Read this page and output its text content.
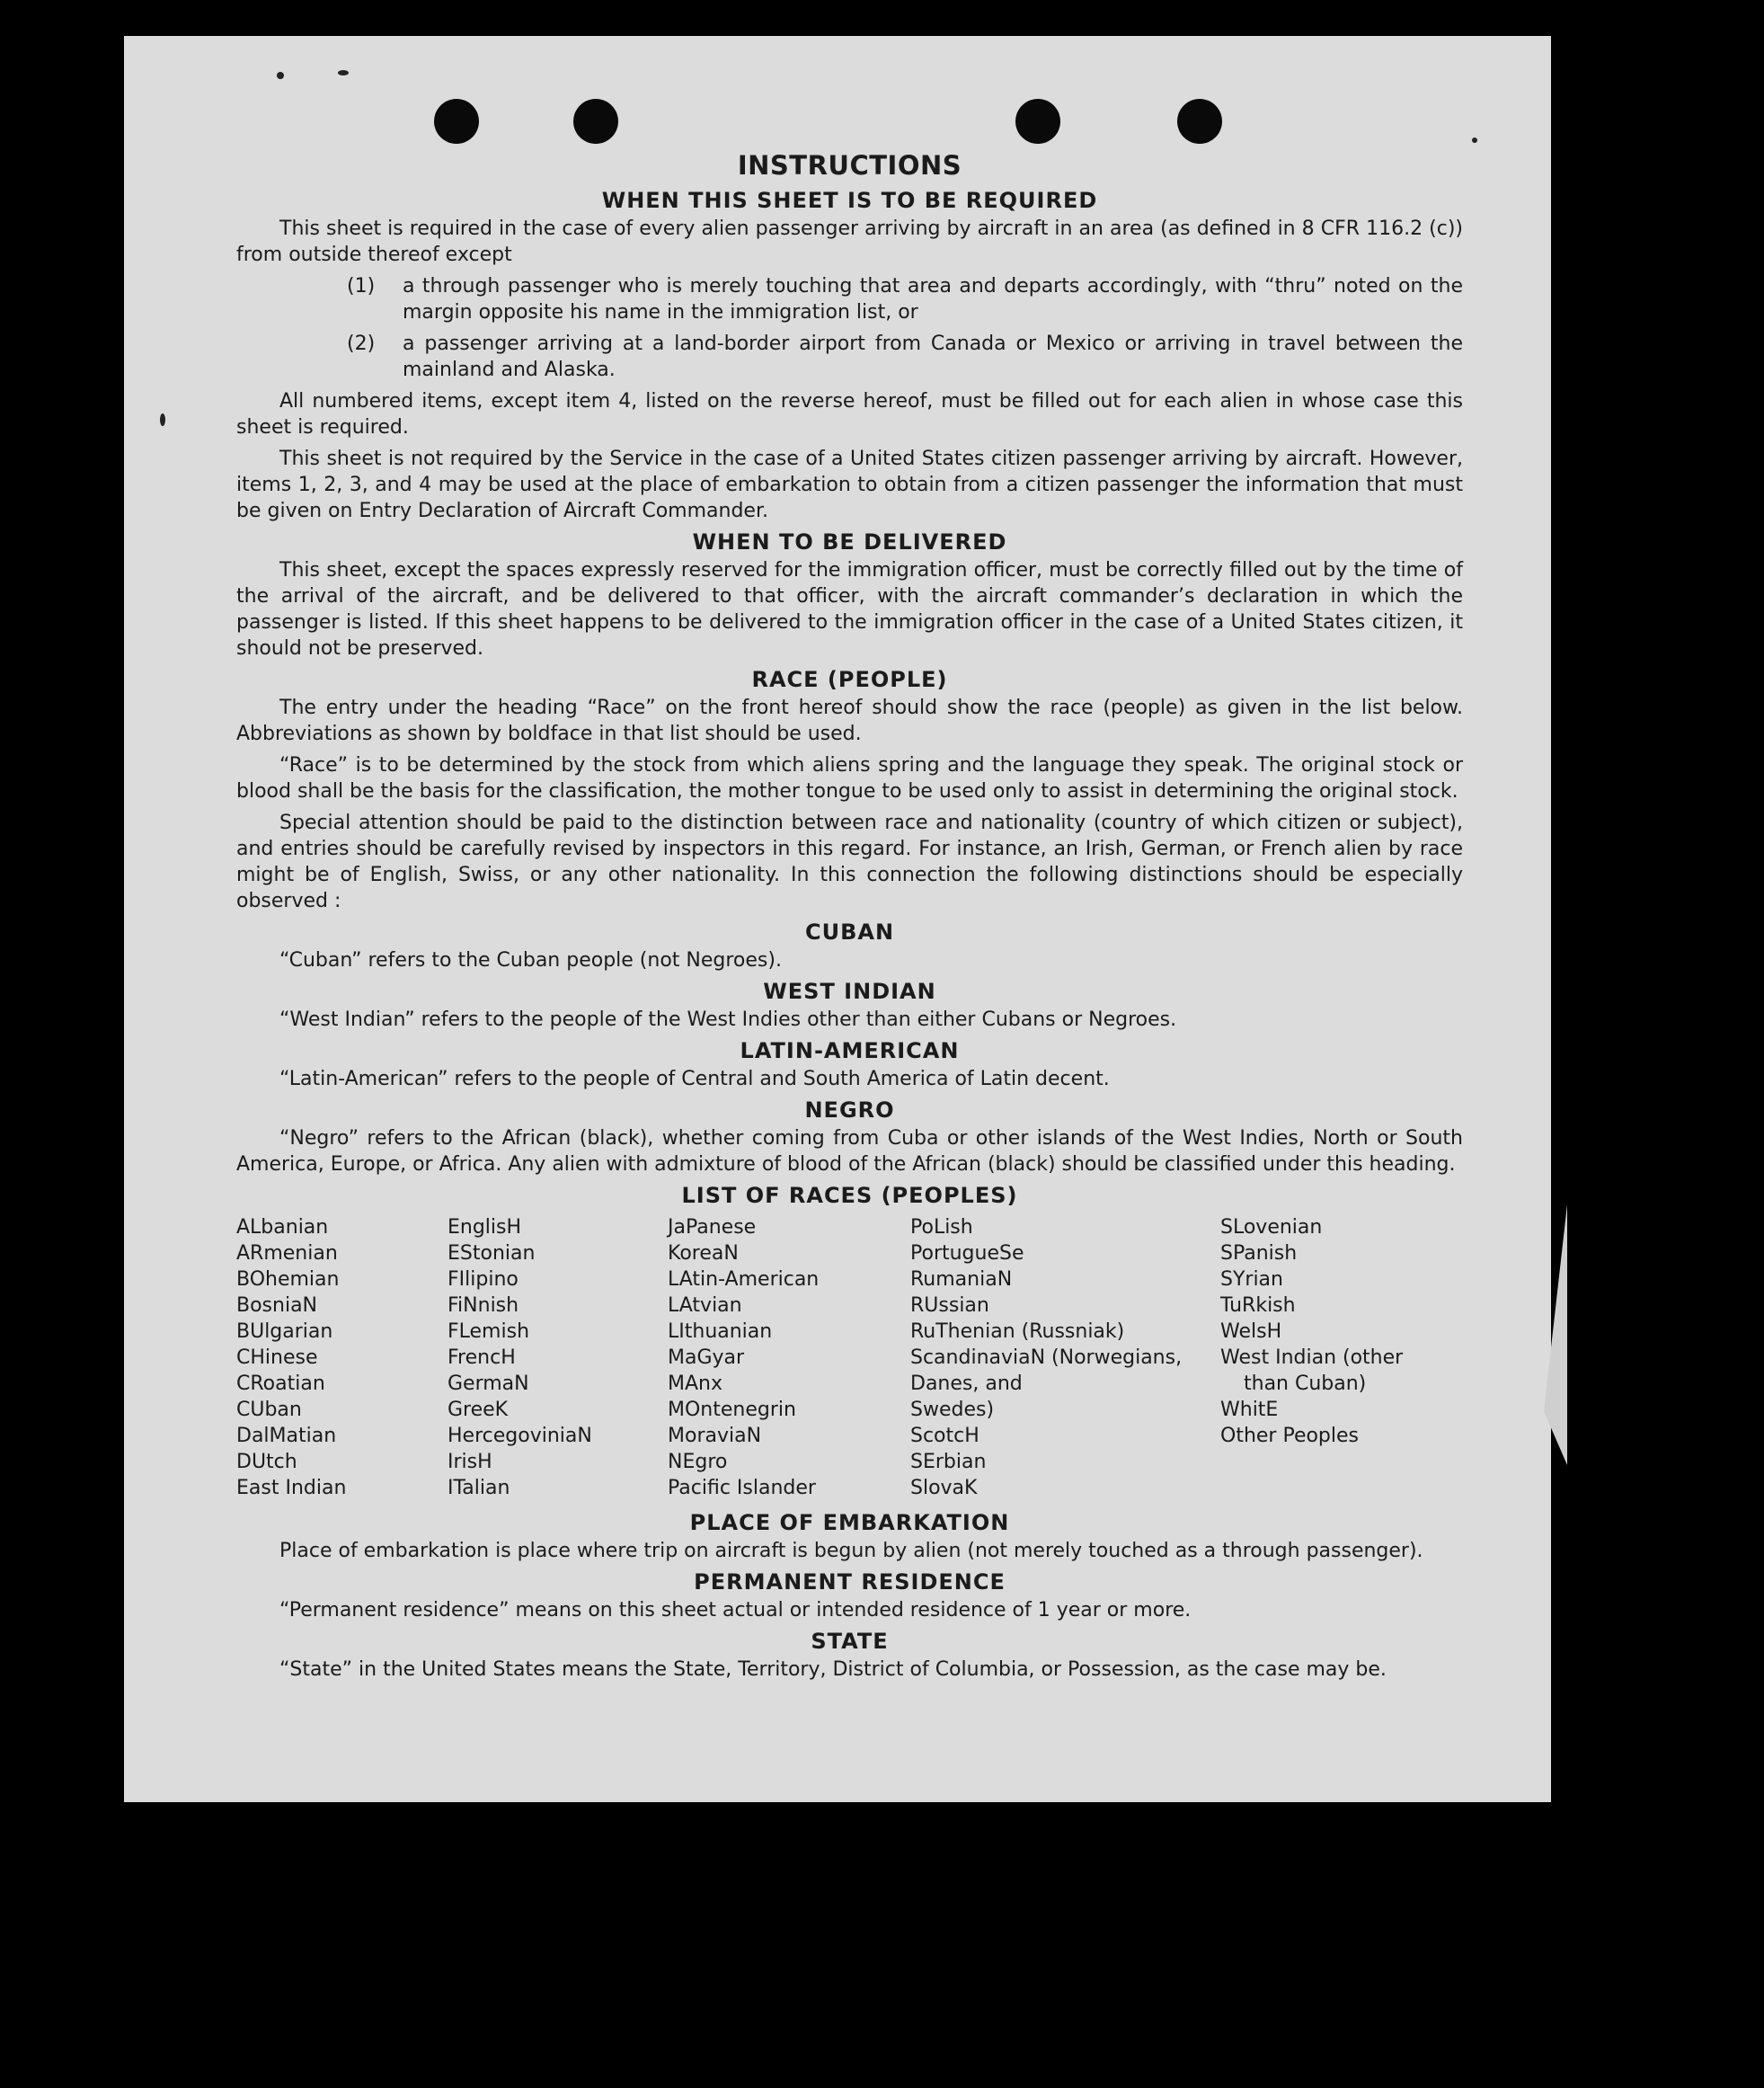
INSTRUCTIONS
WHEN THIS SHEET IS TO BE REQUIRED

This sheet is required in the case of every alien passenger arriving by aircraft in an area (as defined in 8 CFR 116.2 (c)) from outside thereof except

(1)	a through passenger who is merely touching that area and departs accordingly, with “thru” noted on the margin opposite his name in the immigration list, or
(2)	a passenger arriving at a land-border airport from Canada or Mexico or arriving in travel between the mainland and Alaska.

All numbered items, except item 4, listed on the reverse hereof, must be filled out for each alien in whose case this sheet is required.

This sheet is not required by the Service in the case of a United States citizen passenger arriving by aircraft. However, items 1, 2, 3, and 4 may be used at the place of embarkation to obtain from a citizen passenger the information that must be given on Entry Declaration of Aircraft Commander.

WHEN TO BE DELIVERED

This sheet, except the spaces expressly reserved for the immigration officer, must be correctly filled out by the time of the arrival of the aircraft, and be delivered to that officer, with the aircraft commander’s declaration in which the passenger is listed. If this sheet happens to be delivered to the immigration officer in the case of a United States citizen, it should not be preserved.

RACE (PEOPLE)

The entry under the heading “Race” on the front hereof should show the race (people) as given in the list below. Abbreviations as shown by boldface in that list should be used.

“Race” is to be determined by the stock from which aliens spring and the language they speak. The original stock or blood shall be the basis for the classification, the mother tongue to be used only to assist in determining the original stock.

Special attention should be paid to the distinction between race and nationality (country of which citizen or subject), and entries should be carefully revised by inspectors in this regard. For instance, an Irish, German, or French alien by race might be of English, Swiss, or any other nationality. In this connection the following distinctions should be especially observed :

CUBAN

“Cuban” refers to the Cuban people (not Negroes).

WEST INDIAN

“West Indian” refers to the people of the West Indies other than either Cubans or Negroes.

LATIN-AMERICAN

“Latin-American” refers to the people of Central and South America of Latin decent.

NEGRO

“Negro” refers to the African (black), whether coming from Cuba or other islands of the West Indies, North or South America, Europe, or Africa. Any alien with admixture of blood of the African (black) should be classified under this heading.

LIST OF RACES (PEOPLES)
ALbanian
ARmenian
BOhemian
BosniaN
BUlgarian
CHinese
CRoatian
CUban
DalMatian
DUtch
East Indian
EnglisH
EStonian
FIlipino
FiNnish
FLemish
FrencH
GermaN
GreeK
HercegoviniaN
IrisH
ITalian
JaPanese
KoreaN
LAtin-American
LAtvian
LIthuanian
MaGyar
MAnx
MOntenegrin
MoraviaN
NEgro
Pacific Islander
PoLish
PortugueSe
RumaniaN
RUssian
RuThenian (Russniak)
ScandinaviaN (Norwegians,
Danes, and
Swedes)
ScotcH
SErbian
SlovaK
SLovenian
SPanish
SYrian
TuRkish
WelsH
West Indian (other
than Cuban)
WhitE
Other Peoples
PLACE OF EMBARKATION

Place of embarkation is place where trip on aircraft is begun by alien (not merely touched as a through passenger).

PERMANENT RESIDENCE

“Permanent residence” means on this sheet actual or intended residence of 1 year or more.

STATE

“State” in the United States means the State, Territory, District of Columbia, or Possession, as the case may be.
